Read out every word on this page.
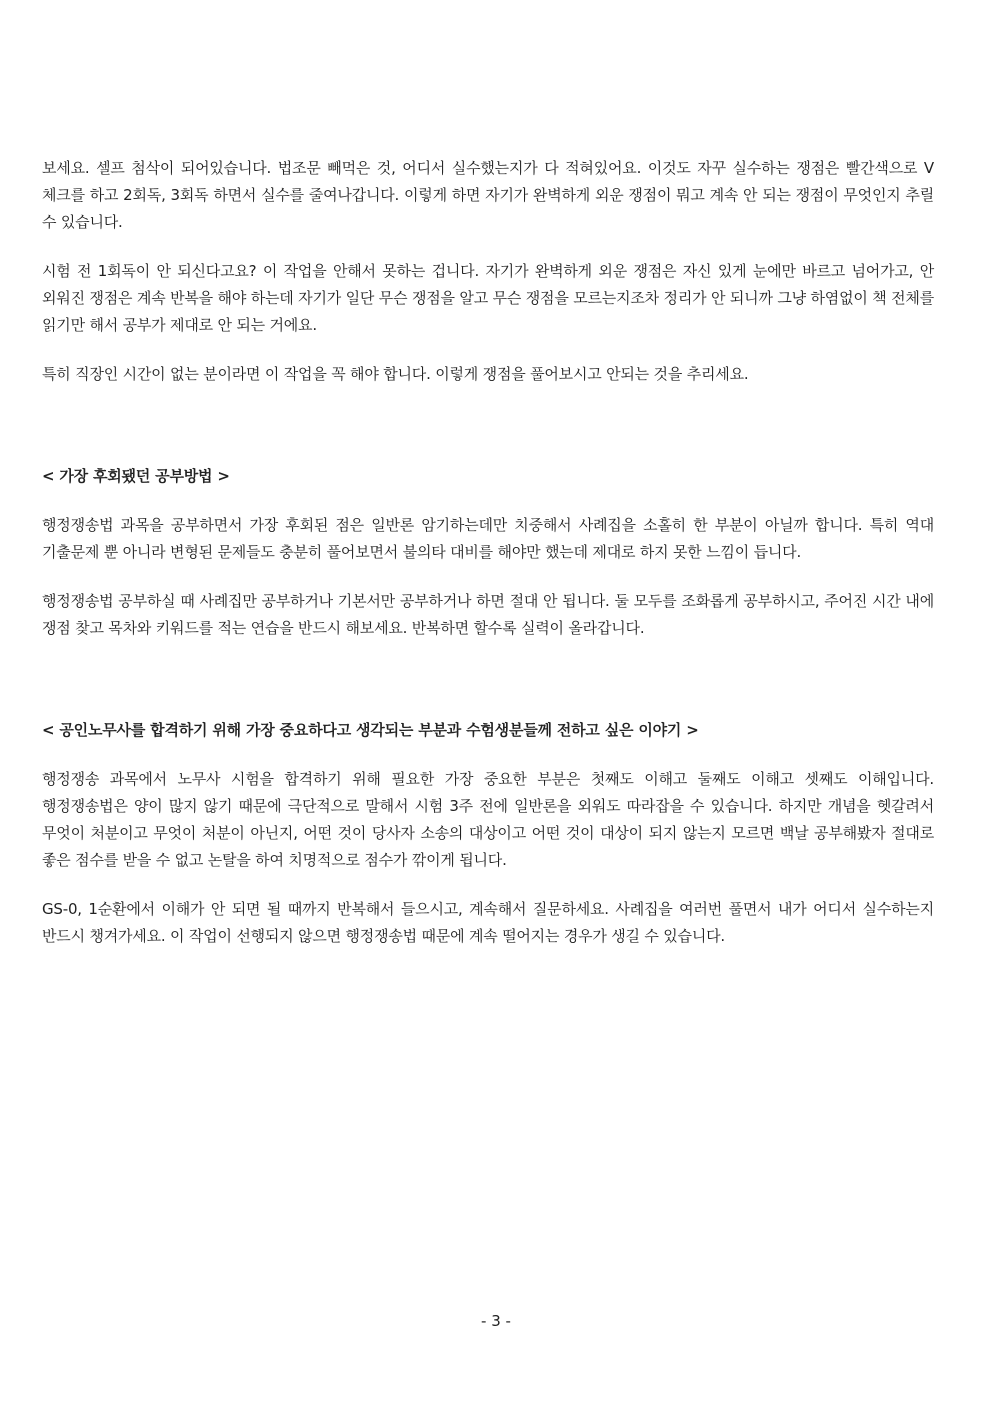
보세요. 셀프 첨삭이 되어있습니다. 법조문 빼먹은 것, 어디서 실수했는지가 다 적혀있어요. 이것도 자꾸 실수하는 쟁점은 빨간색으로 V 체크를 하고 2회독, 3회독 하면서 실수를 줄여나갑니다. 이렇게 하면 자기가 완벽하게 외운 쟁점이 뭐고 계속 안 되는 쟁점이 무엇인지 추릴 수 있습니다.

시험 전 1회독이 안 되신다고요? 이 작업을 안해서 못하는 겁니다. 자기가 완벽하게 외운 쟁점은 자신 있게 눈에만 바르고 넘어가고, 안 외워진 쟁점은 계속 반복을 해야 하는데 자기가 일단 무슨 쟁점을 알고 무슨 쟁점을 모르는지조차 정리가 안 되니까 그냥 하염없이 책 전체를 읽기만 해서 공부가 제대로 안 되는 거에요.

특히 직장인 시간이 없는 분이라면 이 작업을 꼭 해야 합니다. 이렇게 쟁점을 풀어보시고 안되는 것을 추리세요.

< 가장 후회됐던 공부방법 >

행정쟁송법 과목을 공부하면서 가장 후회된 점은 일반론 암기하는데만 치중해서 사례집을 소홀히 한 부분이 아닐까 합니다. 특히 역대 기출문제 뿐 아니라 변형된 문제들도 충분히 풀어보면서 불의타 대비를 해야만 했는데 제대로 하지 못한 느낌이 듭니다.

행정쟁송법 공부하실 때 사례집만 공부하거나 기본서만 공부하거나 하면 절대 안 됩니다. 둘 모두를 조화롭게 공부하시고, 주어진 시간 내에 쟁점 찾고 목차와 키워드를 적는 연습을 반드시 해보세요. 반복하면 할수록 실력이 올라갑니다.

< 공인노무사를 합격하기 위해 가장 중요하다고 생각되는 부분과 수험생분들께 전하고 싶은 이야기 >

행정쟁송 과목에서 노무사 시험을 합격하기 위해 필요한 가장 중요한 부분은 첫째도 이해고 둘째도 이해고 셋째도 이해입니다. 행정쟁송법은 양이 많지 않기 때문에 극단적으로 말해서 시험 3주 전에 일반론을 외워도 따라잡을 수 있습니다. 하지만 개념을 헷갈려서 무엇이 처분이고 무엇이 처분이 아닌지, 어떤 것이 당사자 소송의 대상이고 어떤 것이 대상이 되지 않는지 모르면 백날 공부해봤자 절대로 좋은 점수를 받을 수 없고 논탈을 하여 치명적으로 점수가 깎이게 됩니다.

GS-0, 1순환에서 이해가 안 되면 될 때까지 반복해서 들으시고, 계속해서 질문하세요. 사례집을 여러번 풀면서 내가 어디서 실수하는지 반드시 챙겨가세요. 이 작업이 선행되지 않으면 행정쟁송법 때문에 계속 떨어지는 경우가 생길 수 있습니다.

- 3 -
